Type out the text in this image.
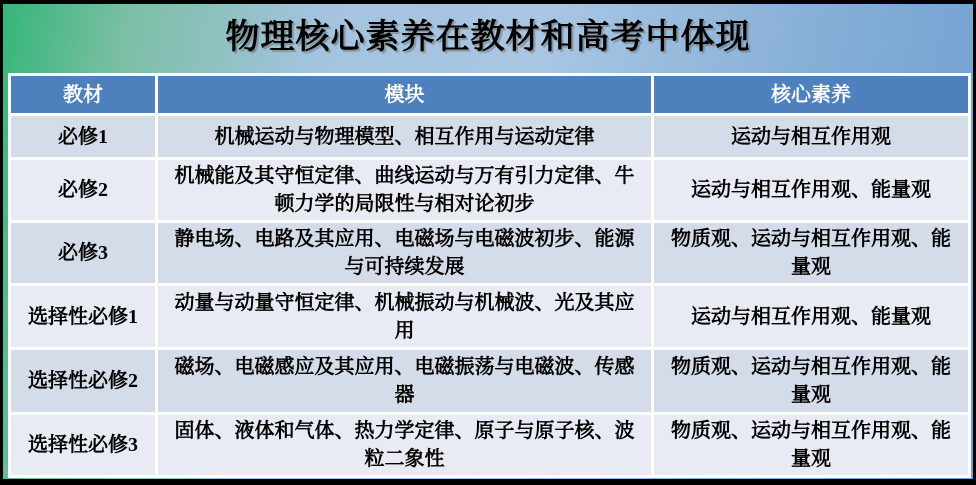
物理核心素养在教材和高考中体现
教材	模块	核心素养
必修1	机械运动与物理模型、相互作用与运动定律	运动与相互作用观
必修2	机械能及其守恒定律、曲线运动与万有引力定律、牛顿力学的局限性与相对论初步	运动与相互作用观、能量观
必修3	静电场、电路及其应用、电磁场与电磁波初步、能源与可持续发展	物质观、运动与相互作用观、能量观
选择性必修1	动量与动量守恒定律、机械振动与机械波、光及其应用	运动与相互作用观、能量观
选择性必修2	磁场、电磁感应及其应用、电磁振荡与电磁波、传感器	物质观、运动与相互作用观、能量观
选择性必修3	固体、液体和气体、热力学定律、原子与原子核、波粒二象性	物质观、运动与相互作用观、能量观
